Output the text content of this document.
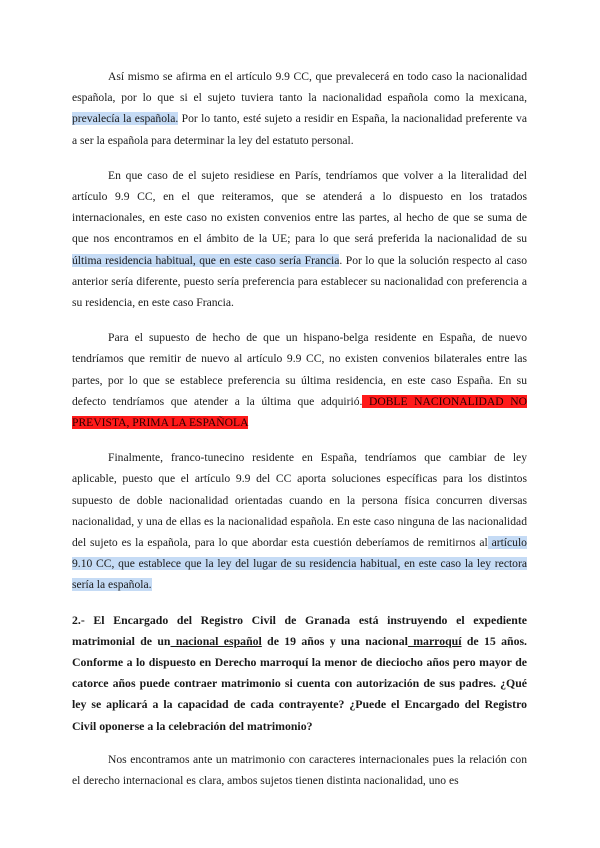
Así mismo se afirma en el artículo 9.9 CC, que prevalecerá en todo caso la nacionalidad española, por lo que si el sujeto tuviera tanto la nacionalidad española como la mexicana, prevalecía la española. Por lo tanto, esté sujeto a residir en España, la nacionalidad preferente va a ser la española para determinar la ley del estatuto personal.

En que caso de el sujeto residiese en París, tendríamos que volver a la literalidad del artículo 9.9 CC, en el que reiteramos, que se atenderá a lo dispuesto en los tratados internacionales, en este caso no existen convenios entre las partes, al hecho de que se suma de que nos encontramos en el ámbito de la UE; para lo que será preferida la nacionalidad de su última residencia habitual, que en este caso sería Francia. Por lo que la solución respecto al caso anterior sería diferente, puesto sería preferencia para establecer su nacionalidad con preferencia a su residencia, en este caso Francia.

Para el supuesto de hecho de que un hispano-belga residente en España, de nuevo tendríamos que remitir de nuevo al artículo 9.9 CC, no existen convenios bilaterales entre las partes, por lo que se establece preferencia su última residencia, en este caso España. En su defecto tendríamos que atender a la última que adquirió. DOBLE NACIONALIDAD NO PREVISTA, PRIMA LA ESPAÑOLA

Finalmente, franco-tunecino residente en España, tendríamos que cambiar de ley aplicable, puesto que el artículo 9.9 del CC aporta soluciones específicas para los distintos supuesto de doble nacionalidad orientadas cuando en la persona física concurren diversas nacionalidad, y una de ellas es la nacionalidad española. En este caso ninguna de las nacionalidad del sujeto es la española, para lo que abordar esta cuestión deberíamos de remitirnos al artículo 9.10 CC, que establece que la ley del lugar de su residencia habitual, en este caso la ley rectora sería la española.

2.- El Encargado del Registro Civil de Granada está instruyendo el expediente matrimonial de un nacional español de 19 años y una nacional marroquí de 15 años. Conforme a lo dispuesto en Derecho marroquí la menor de dieciocho años pero mayor de catorce años puede contraer matrimonio si cuenta con autorización de sus padres. ¿Qué ley se aplicará a la capacidad de cada contrayente? ¿Puede el Encargado del Registro Civil oponerse a la celebración del matrimonio?

Nos encontramos ante un matrimonio con caracteres internacionales pues la relación con el derecho internacional es clara, ambos sujetos tienen distinta nacionalidad, uno es
